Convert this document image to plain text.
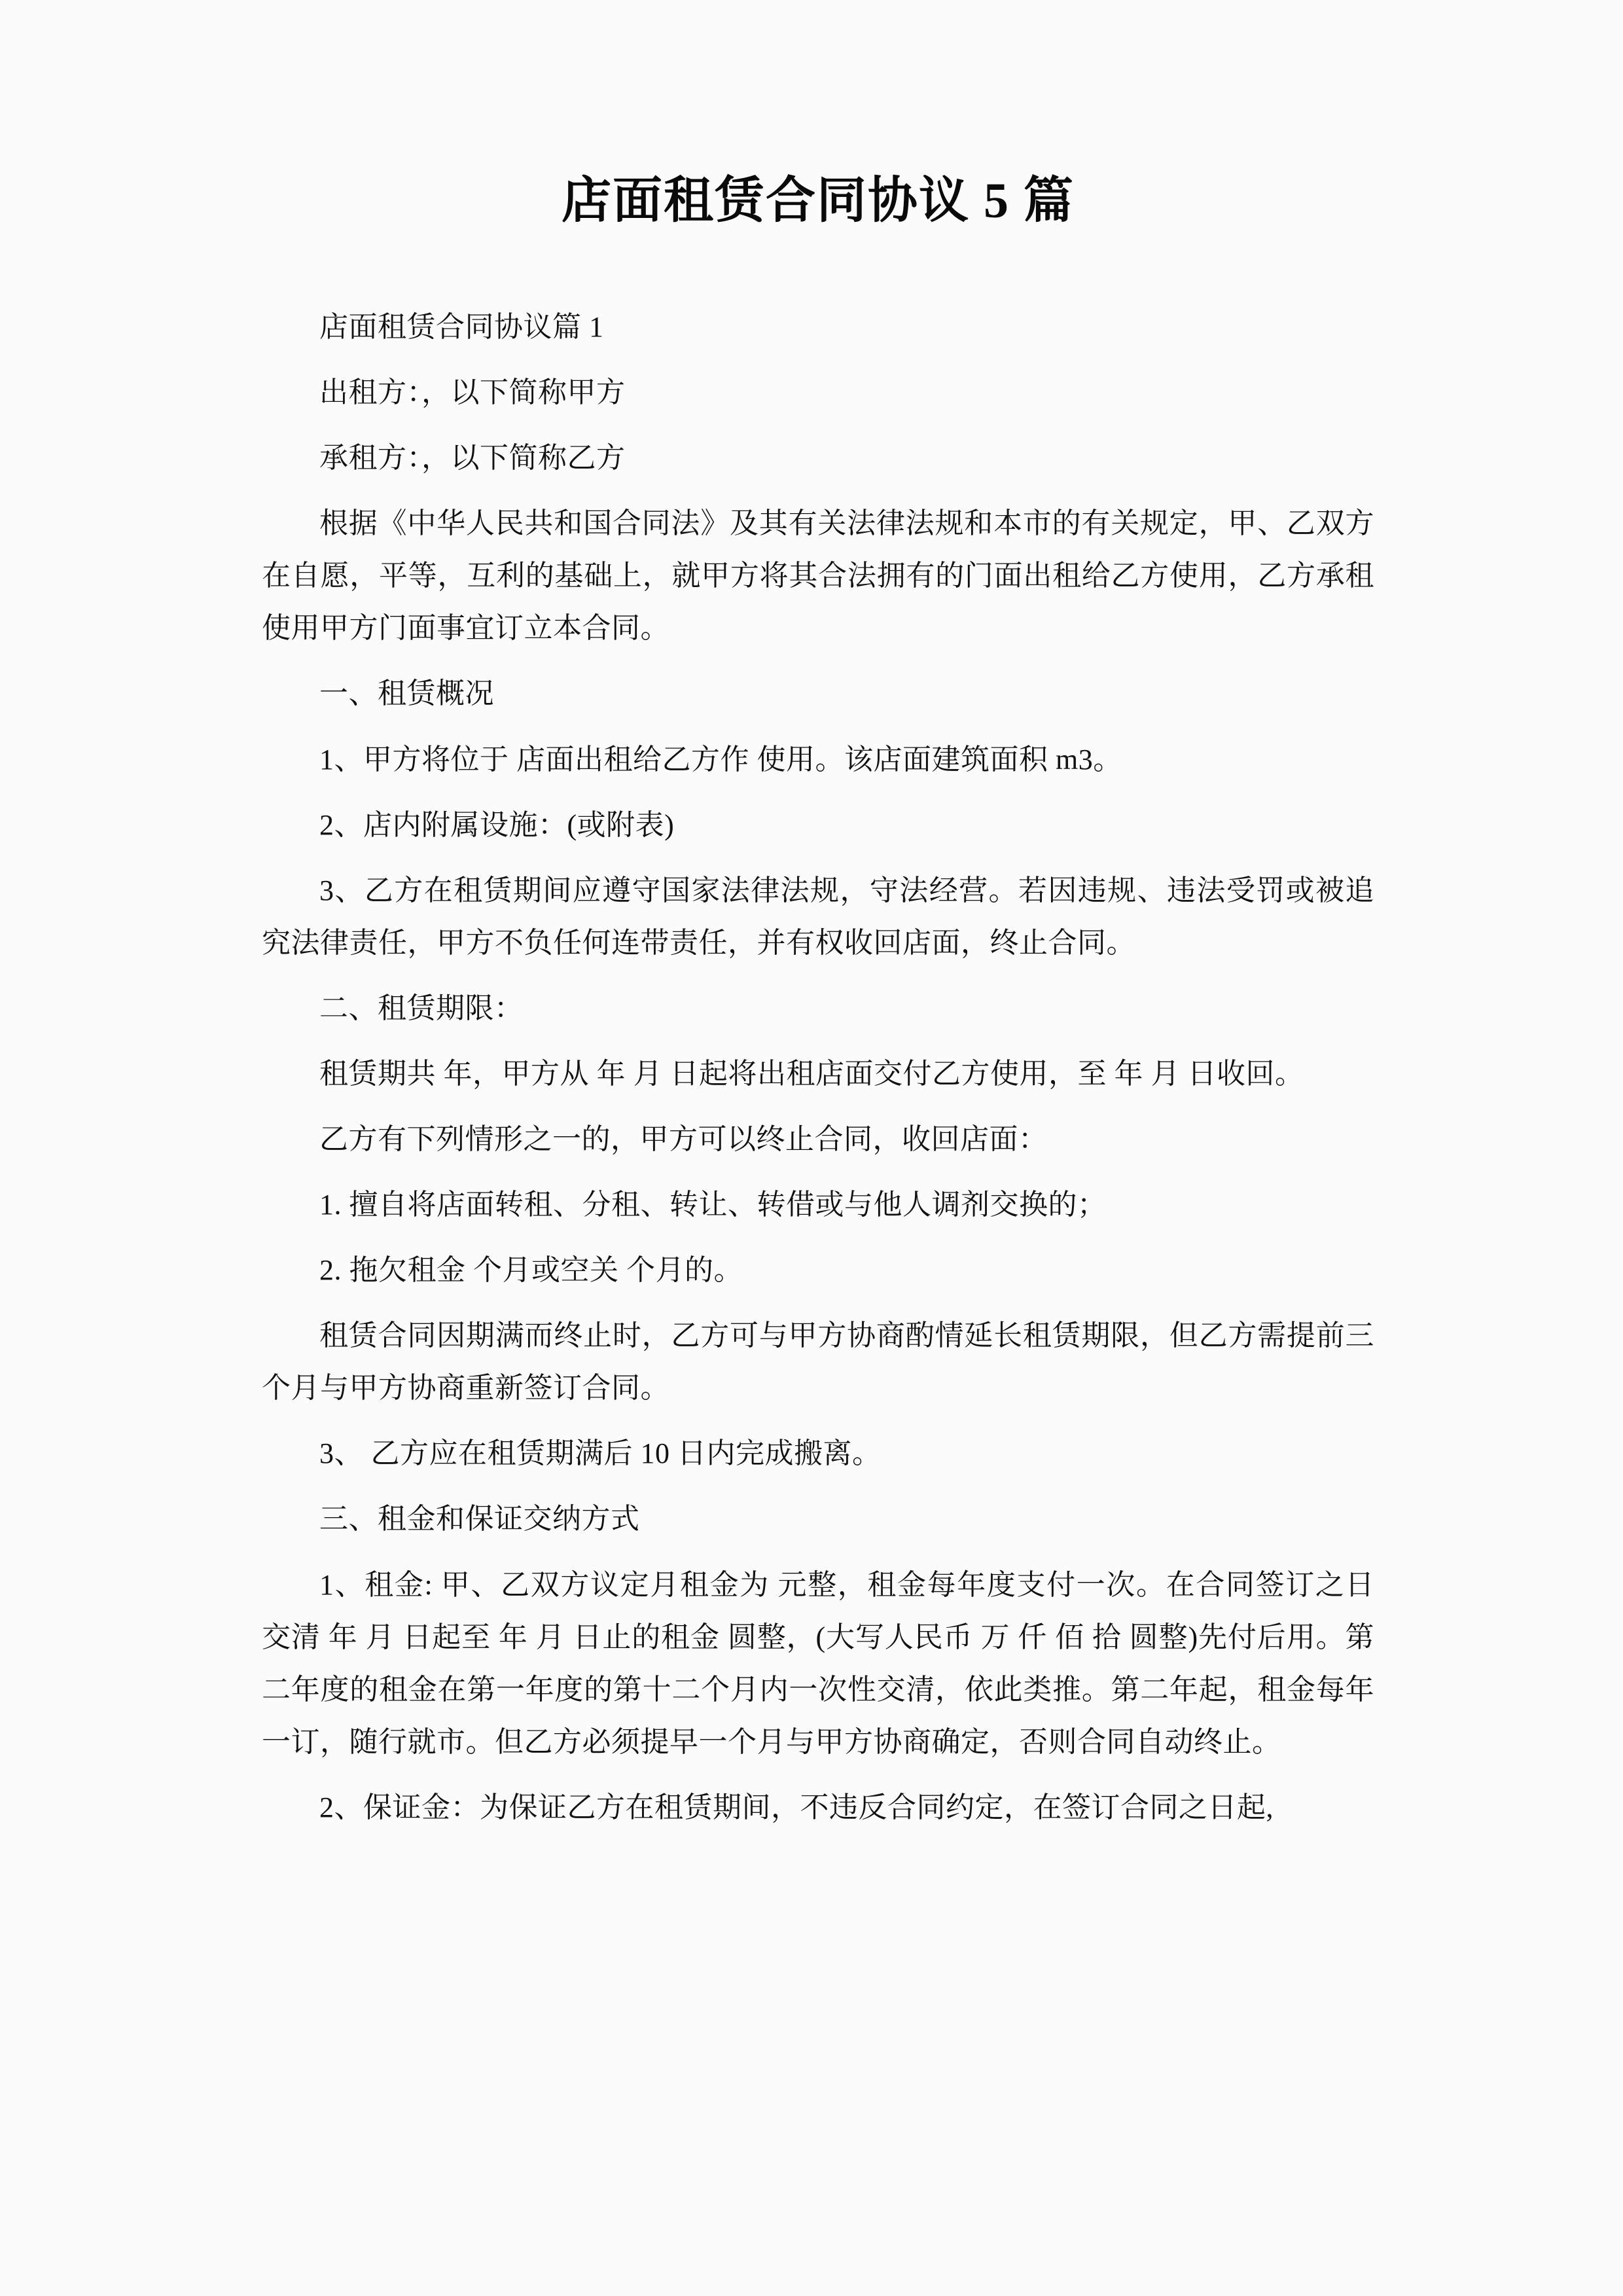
店面租赁合同协议 5 篇

店面租赁合同协议篇 1

出租方：，以下简称甲方

承租方：，以下简称乙方

根据《中华人民共和国合同法》及其有关法律法规和本市的有关规定，甲、乙双方在自愿，平等，互利的基础上，就甲方将其合法拥有的门面出租给乙方使用，乙方承租使用甲方门面事宜订立本合同。

一、租赁概况

1、甲方将位于 店面出租给乙方作 使用。该店面建筑面积 m3。

2、店内附属设施：(或附表)

3、乙方在租赁期间应遵守国家法律法规，守法经营。若因违规、违法受罚或被追究法律责任，甲方不负任何连带责任，并有权收回店面，终止合同。

二、租赁期限：

租赁期共 年，甲方从 年 月 日起将出租店面交付乙方使用，至 年 月 日收回。

乙方有下列情形之一的，甲方可以终止合同，收回店面：

1. 擅自将店面转租、分租、转让、转借或与他人调剂交换的；

2. 拖欠租金 个月或空关 个月的。

租赁合同因期满而终止时，乙方可与甲方协商酌情延长租赁期限，但乙方需提前三个月与甲方协商重新签订合同。

3、 乙方应在租赁期满后 10 日内完成搬离。

三、租金和保证交纳方式

1、租金: 甲、乙双方议定月租金为 元整，租金每年度支付一次。在合同签订之日交清 年 月 日起至 年 月 日止的租金 圆整，(大写人民币 万 仟 佰 拾 圆整)先付后用。第二年度的租金在第一年度的第十二个月内一次性交清，依此类推。第二年起，租金每年一订，随行就市。但乙方必须提早一个月与甲方协商确定，否则合同自动终止。

2、保证金：为保证乙方在租赁期间，不违反合同约定，在签订合同之日起,
